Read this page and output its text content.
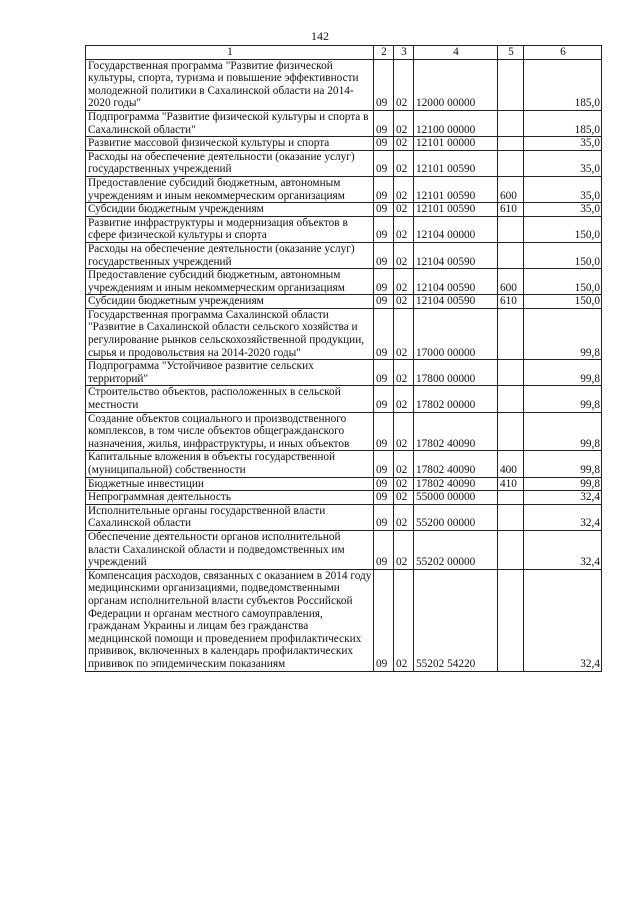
142
1	2	3	4	5	6
Государственная программа "Развитие физической культуры, спорта, туризма и повышение эффективности молодежной политики в Сахалинской области на 2014-2020 годы"	09	02	12000 00000		185,0
Подпрограмма "Развитие физической культуры и спорта в Сахалинской области"	09	02	12100 00000		185,0
Развитие массовой физической культуры и спорта	09	02	12101 00000		35,0
Расходы на обеспечение деятельности (оказание услуг) государственных учреждений	09	02	12101 00590		35,0
Предоставление субсидий бюджетным, автономным учреждениям и иным некоммерческим организациям	09	02	12101 00590	600	35,0
Субсидии бюджетным учреждениям	09	02	12101 00590	610	35,0
Развитие инфраструктуры и модернизация объектов в сфере физической культуры и спорта	09	02	12104 00000		150,0
Расходы на обеспечение деятельности (оказание услуг) государственных учреждений	09	02	12104 00590		150,0
Предоставление субсидий бюджетным, автономным учреждениям и иным некоммерческим организациям	09	02	12104 00590	600	150,0
Субсидии бюджетным учреждениям	09	02	12104 00590	610	150,0
Государственная программа Сахалинской области "Развитие в Сахалинской области сельского хозяйства и регулирование рынков сельскохозяйственной продукции, сырья и продовольствия на 2014-2020 годы"	09	02	17000 00000		99,8
Подпрограмма "Устойчивое развитие сельских территорий"	09	02	17800 00000		99,8
Строительство объектов, расположенных в сельской местности	09	02	17802 00000		99,8
Создание объектов социального и производственного комплексов, в том числе объектов общегражданского назначения, жилья, инфраструктуры, и иных объектов	09	02	17802 40090		99,8
Капитальные вложения в объекты государственной (муниципальной) собственности	09	02	17802 40090	400	99,8
Бюджетные инвестиции	09	02	17802 40090	410	99,8
Непрограммная деятельность	09	02	55000 00000		32,4
Исполнительные органы государственной власти Сахалинской области	09	02	55200 00000		32,4
Обеспечение деятельности органов исполнительной власти Сахалинской области и подведомственных им учреждений	09	02	55202 00000		32,4
Компенсация расходов, связанных с оказанием в 2014 году медицинскими организациями, подведомственными органам исполнительной власти субъектов Российской Федерации и органам местного самоуправления, гражданам Украины и лицам без гражданства медицинской помощи и проведением профилактических прививок, включенных в календарь профилактических прививок по эпидемическим показаниям	09	02	55202 54220		32,4
